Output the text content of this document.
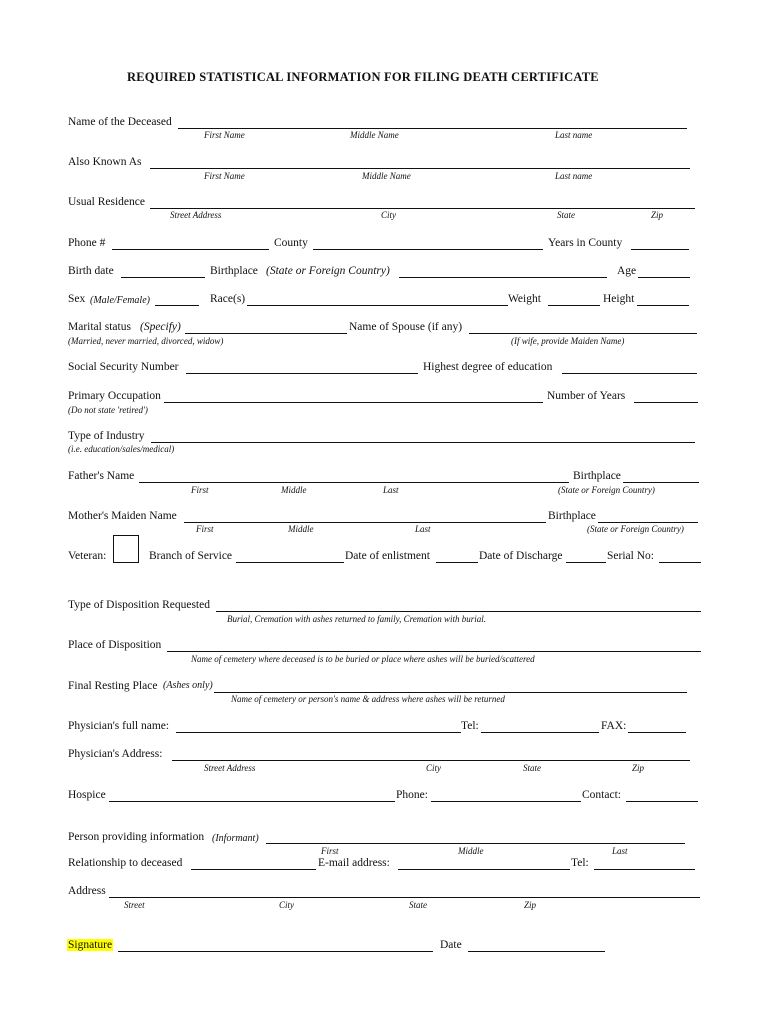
REQUIRED STATISTICAL INFORMATION FOR FILING DEATH CERTIFICATE
Name of the Deceased
First Name	Middle Name	Last name
Also Known As
First Name	Middle Name	Last name
Usual Residence
Street Address	City	State	Zip
Phone #	County	Years in County
Birth date	Birthplace (State or Foreign Country)	Age
Sex (Male/Female)	Race(s)	Weight	Height
Marital status (Specify)	Name of Spouse (if any)
(Married, never married, divorced, widow)	(If wife, provide Maiden Name)
Social Security Number	Highest degree of education
Primary Occupation	Number of Years
(Do not state 'retired')
Type of Industry
(i.e. education/sales/medical)
Father's Name	Birthplace
First	Middle	Last	(State or Foreign Country)
Mother's Maiden Name	Birthplace
First	Middle	Last	(State or Foreign Country)
Veteran:	Branch of Service	Date of enlistment	Date of Discharge	Serial No:
Type of Disposition Requested
Burial, Cremation with ashes returned to family, Cremation with burial.
Place of Disposition
Name of cemetery where deceased is to be buried or place where ashes will be buried/scattered
Final Resting Place (Ashes only)
Name of cemetery or person's name & address where ashes will be returned
Physician's full name:	Tel:	FAX:
Physician's Address:
Street Address	City	State	Zip
Hospice	Phone:	Contact:
Person providing information (Informant)
First	Middle	Last
Relationship to deceased	E-mail address:	Tel:
Address
Street	City	State	Zip
Signature	Date
